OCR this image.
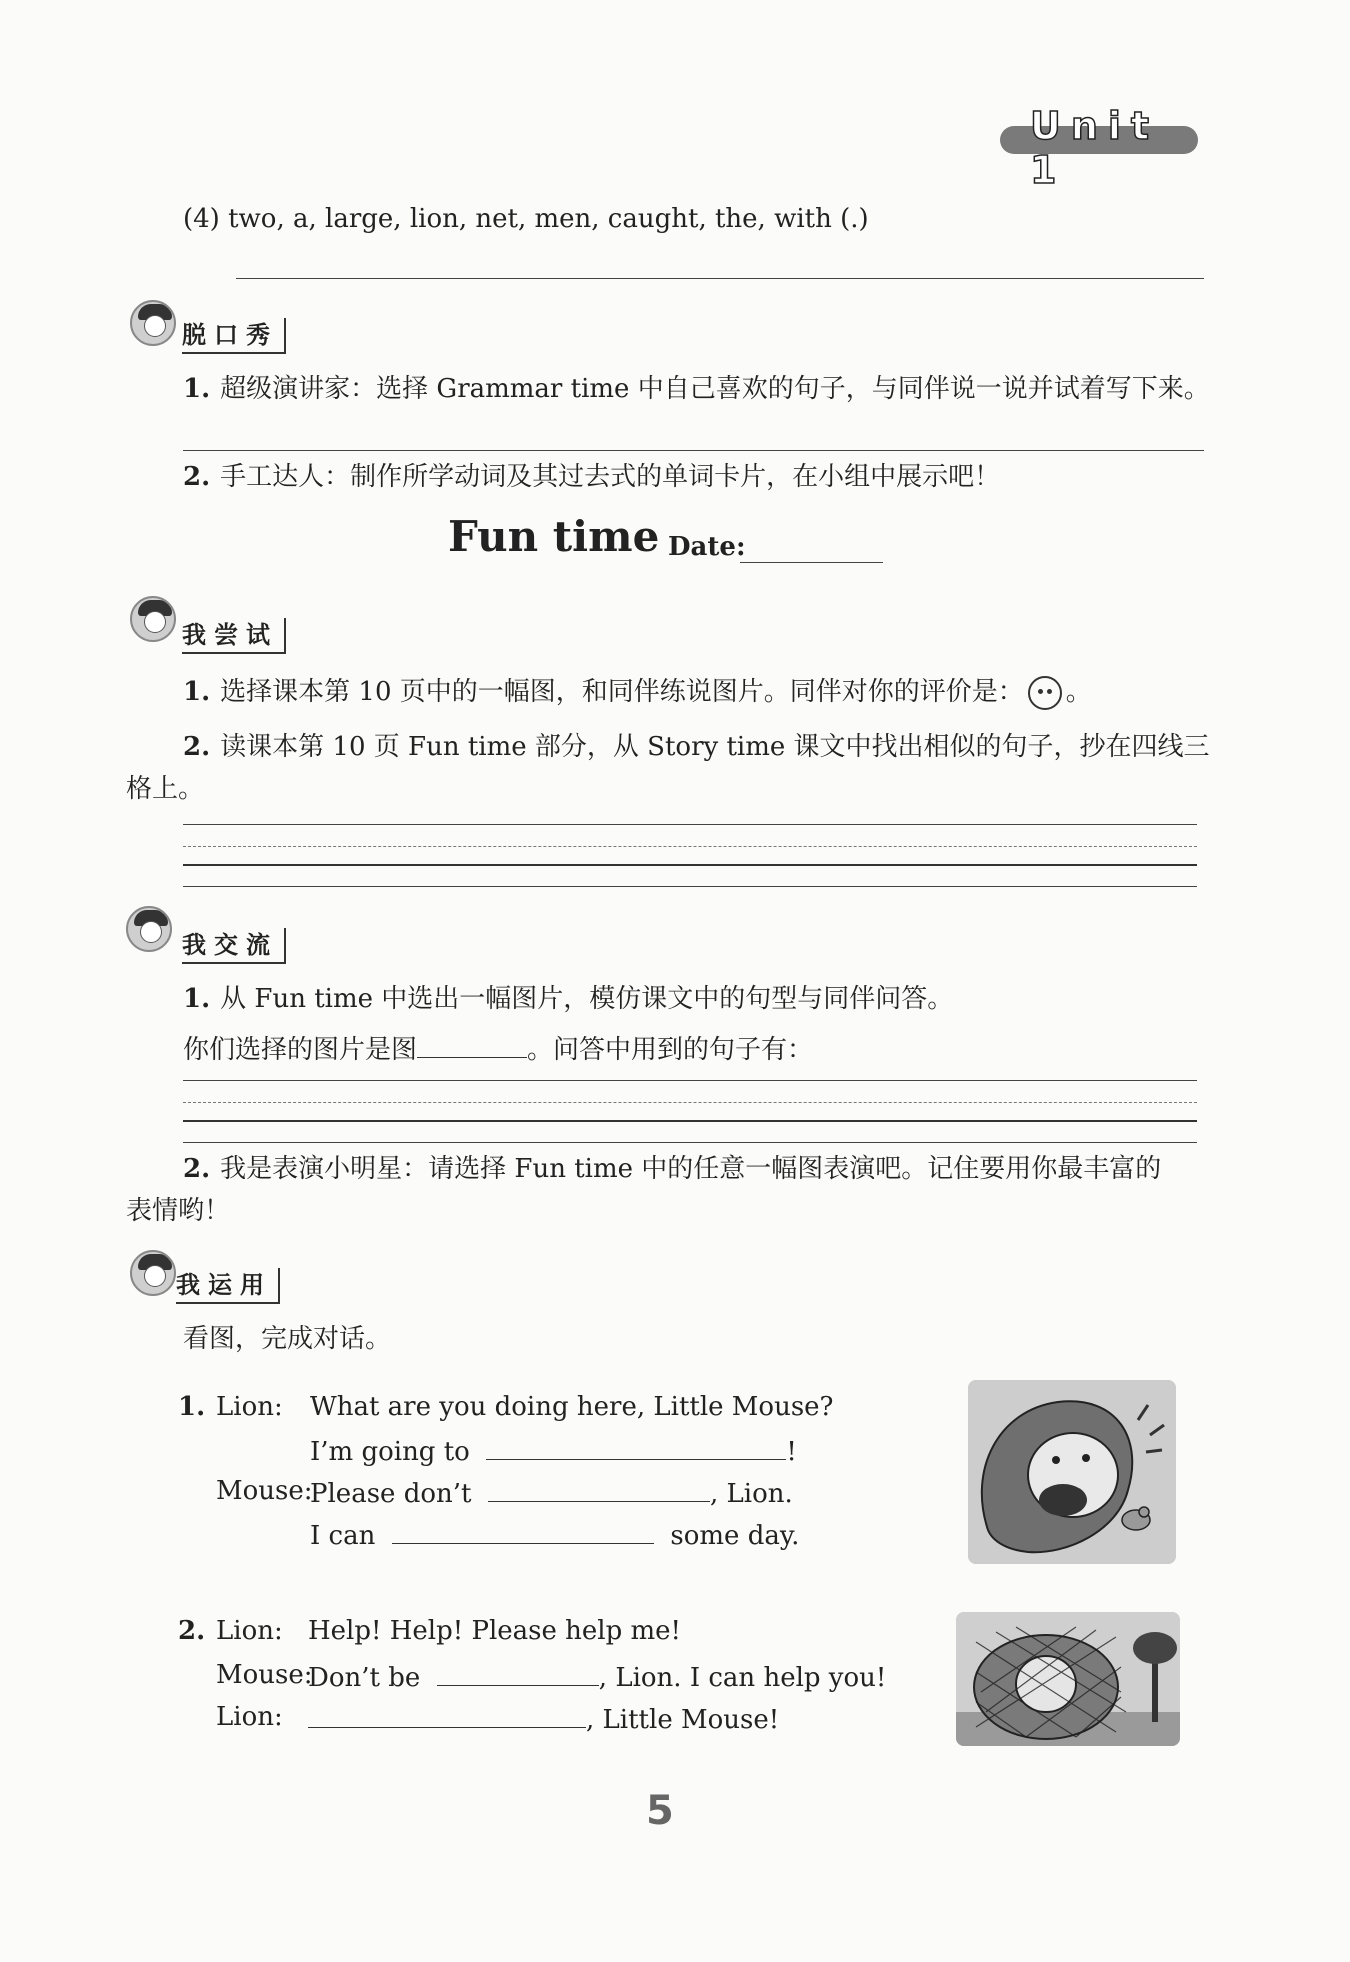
Unit 1
(4) two, a, large, lion, net, men, caught, the, with (.)
脱口秀
1. 超级演讲家：选择 Grammar time 中自己喜欢的句子，与同伴说一说并试着写下来。
2. 手工达人：制作所学动词及其过去式的单词卡片，在小组中展示吧！
Fun time Date:
我尝试
1. 选择课本第 10 页中的一幅图，和同伴练说图片。同伴对你的评价是： 。
2. 读课本第 10 页 Fun time 部分，从 Story time 课文中找出相似的句子，抄在四线三
格上。
我交流
1. 从 Fun time 中选出一幅图片，模仿课文中的句型与同伴问答。
你们选择的图片是图	。问答中用到的句子有：
2. 我是表演小明星：请选择 Fun time 中的任意一幅图表演吧。记住要用你最丰富的
表情哟！
我运用
看图，完成对话。
1. Lion: What are you doing here, Little Mouse?
I’m going to	!
Mouse:
Please don’t	, Lion.
I can	some day.
2. Lion: Help! Help! Please help me!
Mouse:
Don’t be	, Lion. I can help you!
Lion:	, Little Mouse!
5
